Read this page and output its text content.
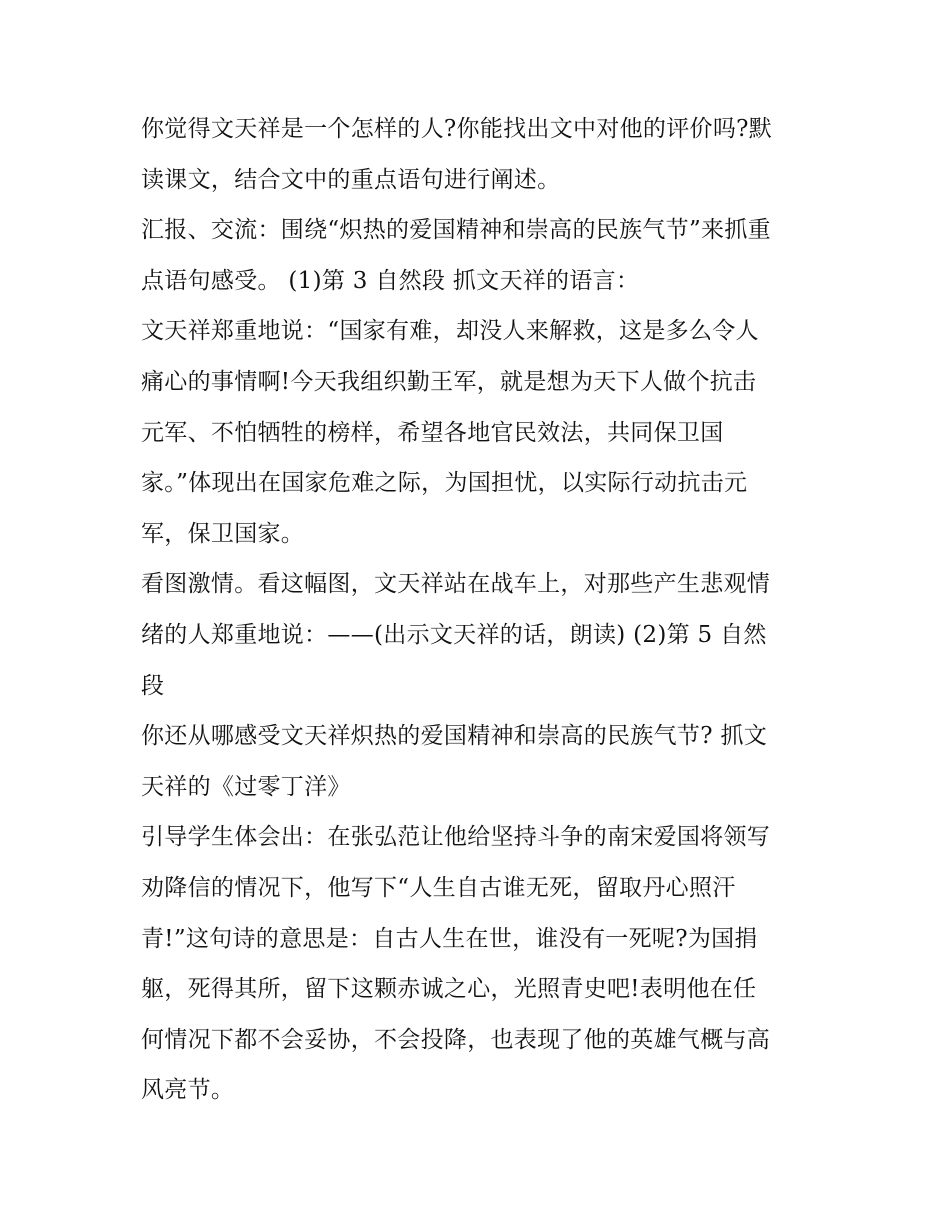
你觉得文天祥是一个怎样的人?你能找出文中对他的评价吗?默
读课文，结合文中的重点语句进行阐述。
汇报、交流：围绕“炽热的爱国精神和崇高的民族气节”来抓重
点语句感受。 (1)第 3 自然段 抓文天祥的语言：
文天祥郑重地说：“国家有难，却没人来解救，这是多么令人
痛心的事情啊!今天我组织勤王军，就是想为天下人做个抗击
元军、不怕牺牲的榜样，希望各地官民效法，共同保卫国
家。”体现出在国家危难之际，为国担忧，以实际行动抗击元
军，保卫国家。
看图激情。看这幅图，文天祥站在战车上，对那些产生悲观情
绪的人郑重地说：——(出示文天祥的话，朗读) (2)第 5 自然
段
你还从哪感受文天祥炽热的爱国精神和崇高的民族气节? 抓文
天祥的《过零丁洋》
引导学生体会出：在张弘范让他给坚持斗争的南宋爱国将领写
劝降信的情况下，他写下“人生自古谁无死，留取丹心照汗
青!”这句诗的意思是：自古人生在世，谁没有一死呢?为国捐
躯，死得其所，留下这颗赤诚之心，光照青史吧!表明他在任
何情况下都不会妥协，不会投降，也表现了他的英雄气概与高
风亮节。
